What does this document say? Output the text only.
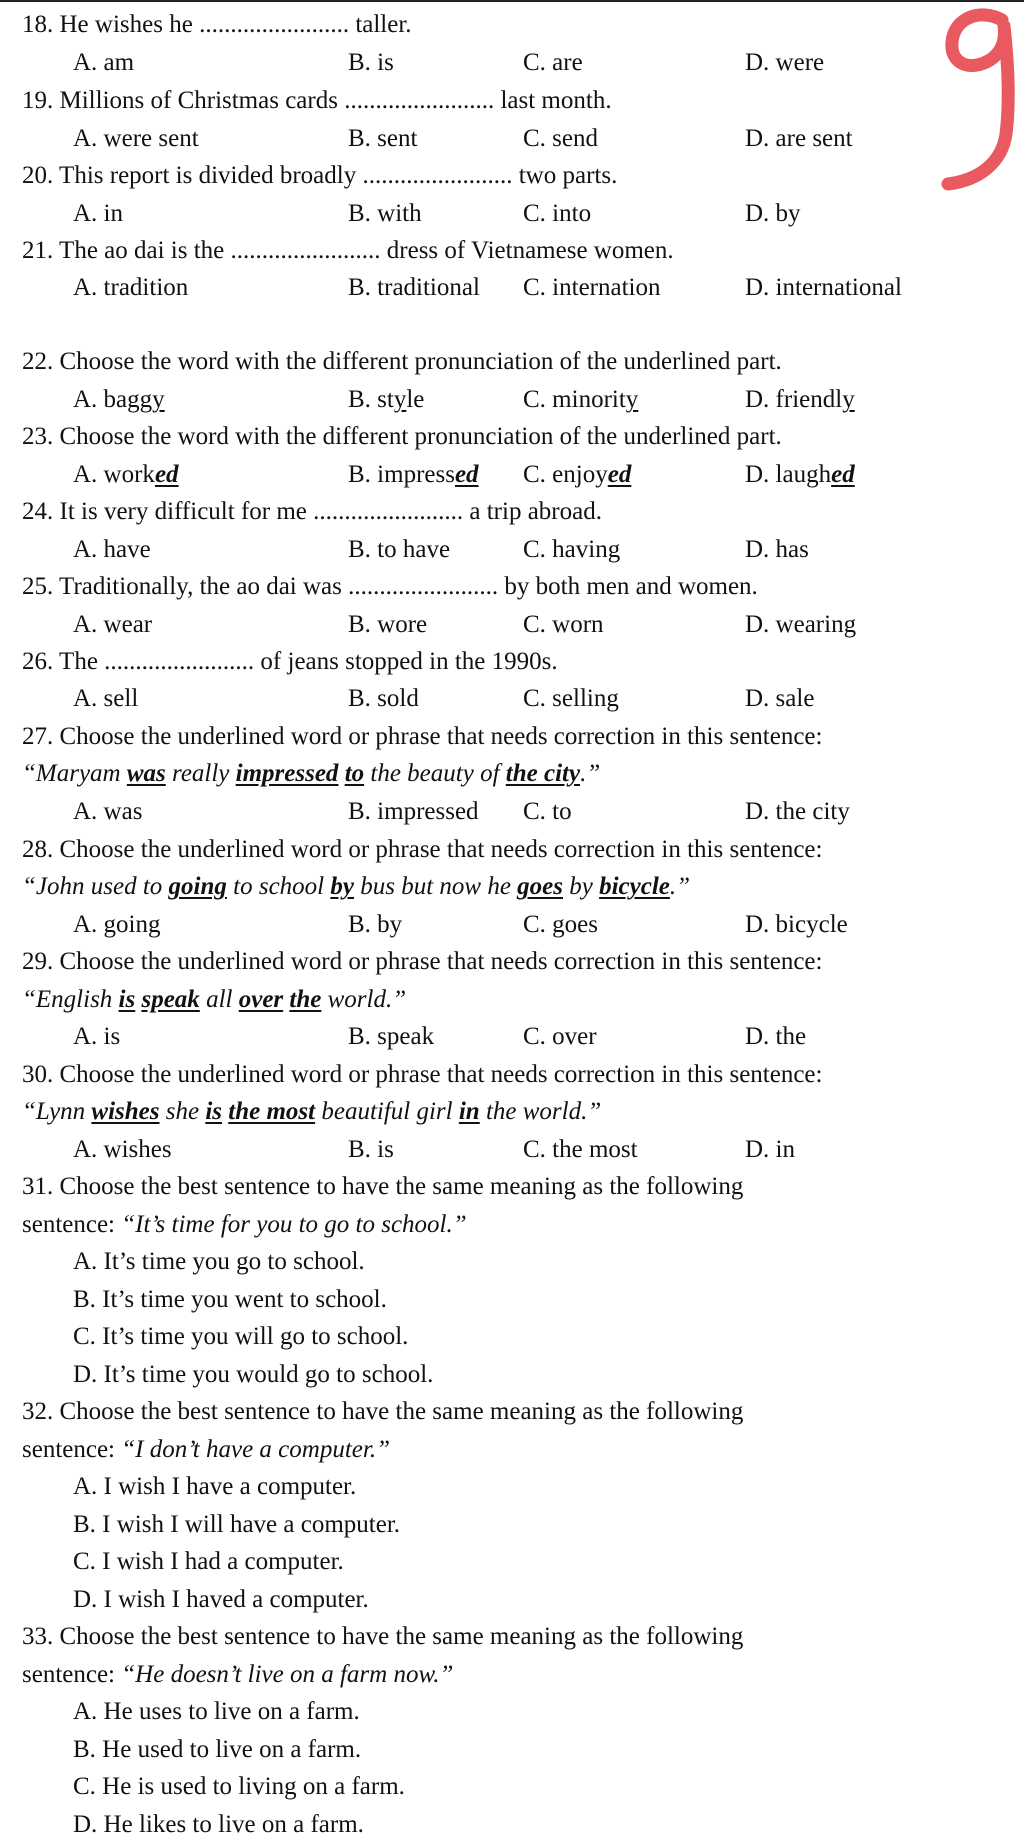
18. He wishes he ........................ taller.
A. am	B. is	C. are	D. were
19. Millions of Christmas cards ........................ last month.
A. were sent	B. sent	C. send	D. are sent
20. This report is divided broadly ........................ two parts.
A. in	B. with	C. into	D. by
21. The ao dai is the ........................ dress of Vietnamese women.
A. tradition	B. traditional C. internation	D. international
22. Choose the word with the different pronunciation of the underlined part.
A. baggy	B. style	C. minority	D. friendly
23. Choose the word with the different pronunciation of the underlined part.
A. worked	B. impressed C. enjoyed	D. laughed
24. It is very difficult for me ........................ a trip abroad.
A. have	B. to have	C. having	D. has
25. Traditionally, the ao dai was ........................ by both men and women.
A. wear	B. wore	C. worn	D. wearing
26. The ........................ of jeans stopped in the 1990s.
A. sell	B. sold	C. selling	D. sale
27. Choose the underlined word or phrase that needs correction in this sentence:
“Maryam was really impressed to the beauty of the city.”
A. was	B. impressed C. to	D. the city
28. Choose the underlined word or phrase that needs correction in this sentence:
“John used to going to school by bus but now he goes by bicycle.”
A. going	B. by	C. goes	D. bicycle
29. Choose the underlined word or phrase that needs correction in this sentence:
“English is speak all over the world.”
A. is	B. speak	C. over	D. the
30. Choose the underlined word or phrase that needs correction in this sentence:
“Lynn wishes she is the most beautiful girl in the world.”
A. wishes	B. is	C. the most	D. in
31. Choose the best sentence to have the same meaning as the following
sentence: “It’s time for you to go to school.”
A. It’s time you go to school.
B. It’s time you went to school.
C. It’s time you will go to school.
D. It’s time you would go to school.
32. Choose the best sentence to have the same meaning as the following
sentence: “I don’t have a computer.”
A. I wish I have a computer.
B. I wish I will have a computer.
C. I wish I had a computer.
D. I wish I haved a computer.
33. Choose the best sentence to have the same meaning as the following
sentence: “He doesn’t live on a farm now.”
A. He uses to live on a farm.
B. He used to live on a farm.
C. He is used to living on a farm.
D. He likes to live on a farm.
